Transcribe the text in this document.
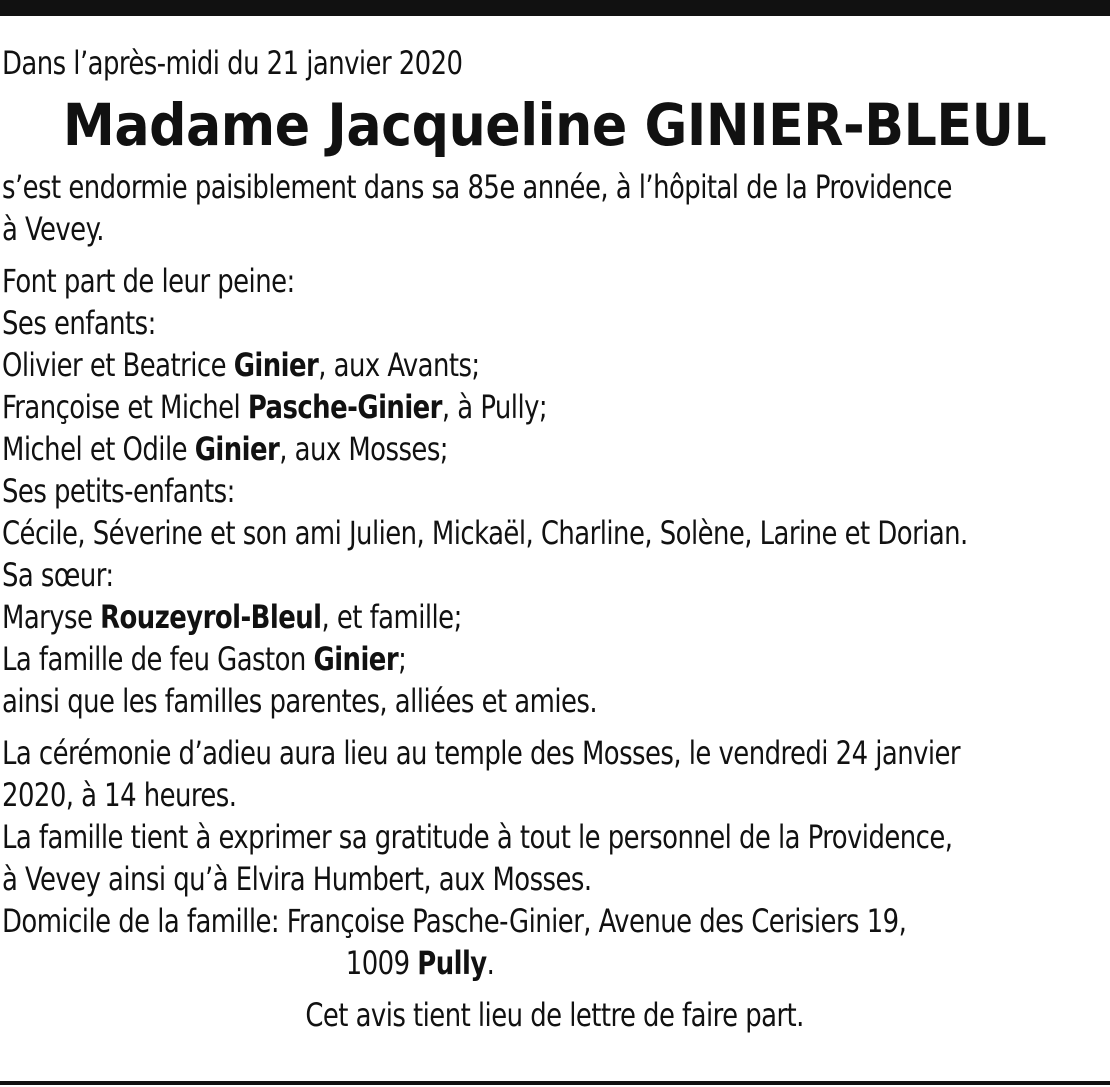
Dans l’après-midi du 21 janvier 2020
Madame Jacqueline GINIER-BLEUL
s’est endormie paisiblement dans sa 85e année, à l’hôpital de la Providence
à Vevey.
Font part de leur peine:
Ses enfants:
Olivier et Beatrice Ginier, aux Avants;
Françoise et Michel Pasche-Ginier, à Pully;
Michel et Odile Ginier, aux Mosses;
Ses petits-enfants:
Cécile, Séverine et son ami Julien, Mickaël, Charline, Solène, Larine et Dorian.
Sa sœur:
Maryse Rouzeyrol-Bleul, et famille;
La famille de feu Gaston Ginier;
ainsi que les familles parentes, alliées et amies.
La cérémonie d’adieu aura lieu au temple des Mosses, le vendredi 24 janvier
2020, à 14 heures.
La famille tient à exprimer sa gratitude à tout le personnel de la Providence,
à Vevey ainsi qu’à Elvira Humbert, aux Mosses.
Domicile de la famille: Françoise Pasche-Ginier, Avenue des Cerisiers 19,
1009 Pully.
Cet avis tient lieu de lettre de faire part.
